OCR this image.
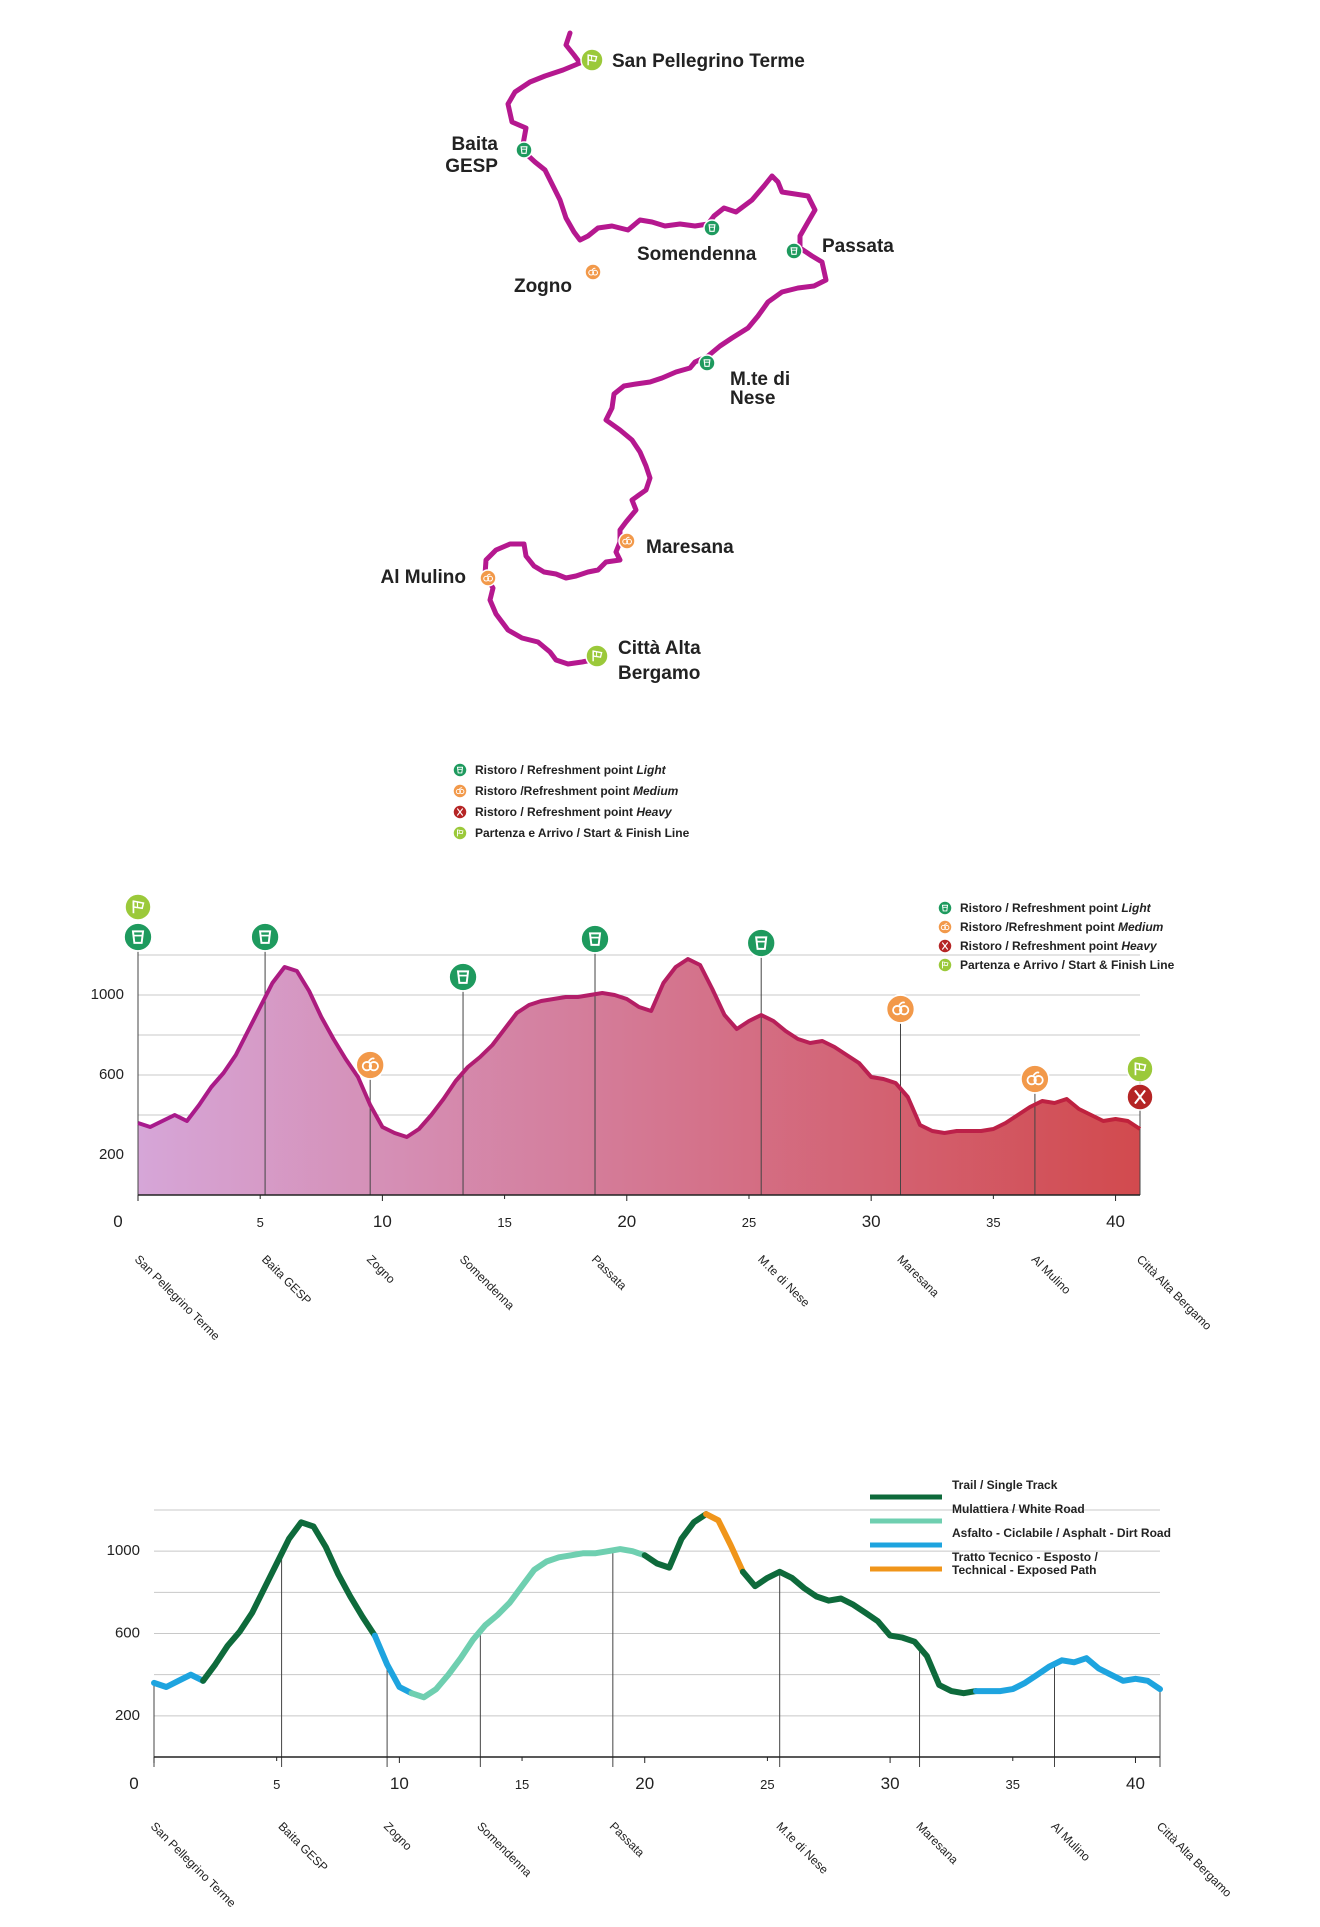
San Pellegrino Terme
Baita
GESP
Zogno
Somendenna	Passata
M.te di
Nese
Maresana
Al Mulino
Città Alta
Bergamo
Ristoro / Refreshment point Light
Ristoro /Refreshment point Medium
Ristoro / Refreshment point Heavy
Partenza e Arrivo / Start & Finish Line
0	10	20	30	40
5	15	25	35
200
600
1000
San Pellegrino Terme	Baita GESP	Zogno	Somendenna	Passata	M.te di Nese	Maresana	Al Mulino	Città Alta Bergamo
Ristoro / Refreshment point Light
Ristoro /Refreshment point Medium
Ristoro / Refreshment point Heavy
Partenza e Arrivo / Start & Finish Line
0	10	20	30	40
5	15	25	35
200
600
1000
San Pellegrino Terme	Baita GESP	Zogno	Somendenna	Passata	M.te di Nese	Maresana	Al Mulino	Città Alta Bergamo
Trail / Single Track
Mulattiera / White Road
Asfalto - Ciclabile / Asphalt - Dirt Road
Tratto Tecnico - Esposto /
Technical - Exposed Path
